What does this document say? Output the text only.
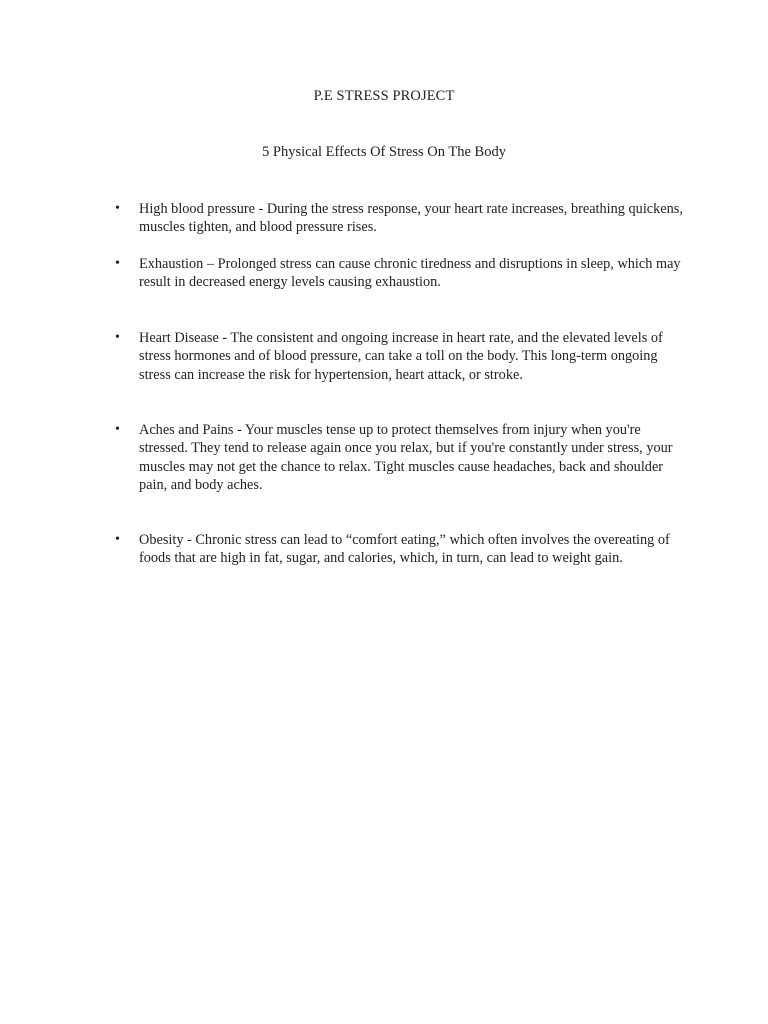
P.E STRESS PROJECT
5 Physical Effects Of Stress On The Body
• High blood pressure - During the stress response, your heart rate increases, breathing quickens, muscles tighten, and blood pressure rises.
• Exhaustion – Prolonged stress can cause chronic tiredness and disruptions in sleep, which may result in decreased energy levels causing exhaustion.
• Heart Disease - The consistent and ongoing increase in heart rate, and the elevated levels of stress hormones and of blood pressure, can take a toll on the body. This long-term ongoing stress can increase the risk for hypertension, heart attack, or stroke.
• Aches and Pains - Your muscles tense up to protect themselves from injury when you're stressed. They tend to release again once you relax, but if you're constantly under stress, your muscles may not get the chance to relax. Tight muscles cause headaches, back and shoulder pain, and body aches.
• Obesity - Chronic stress can lead to “comfort eating,” which often involves the overeating of foods that are high in fat, sugar, and calories, which, in turn, can lead to weight gain.
